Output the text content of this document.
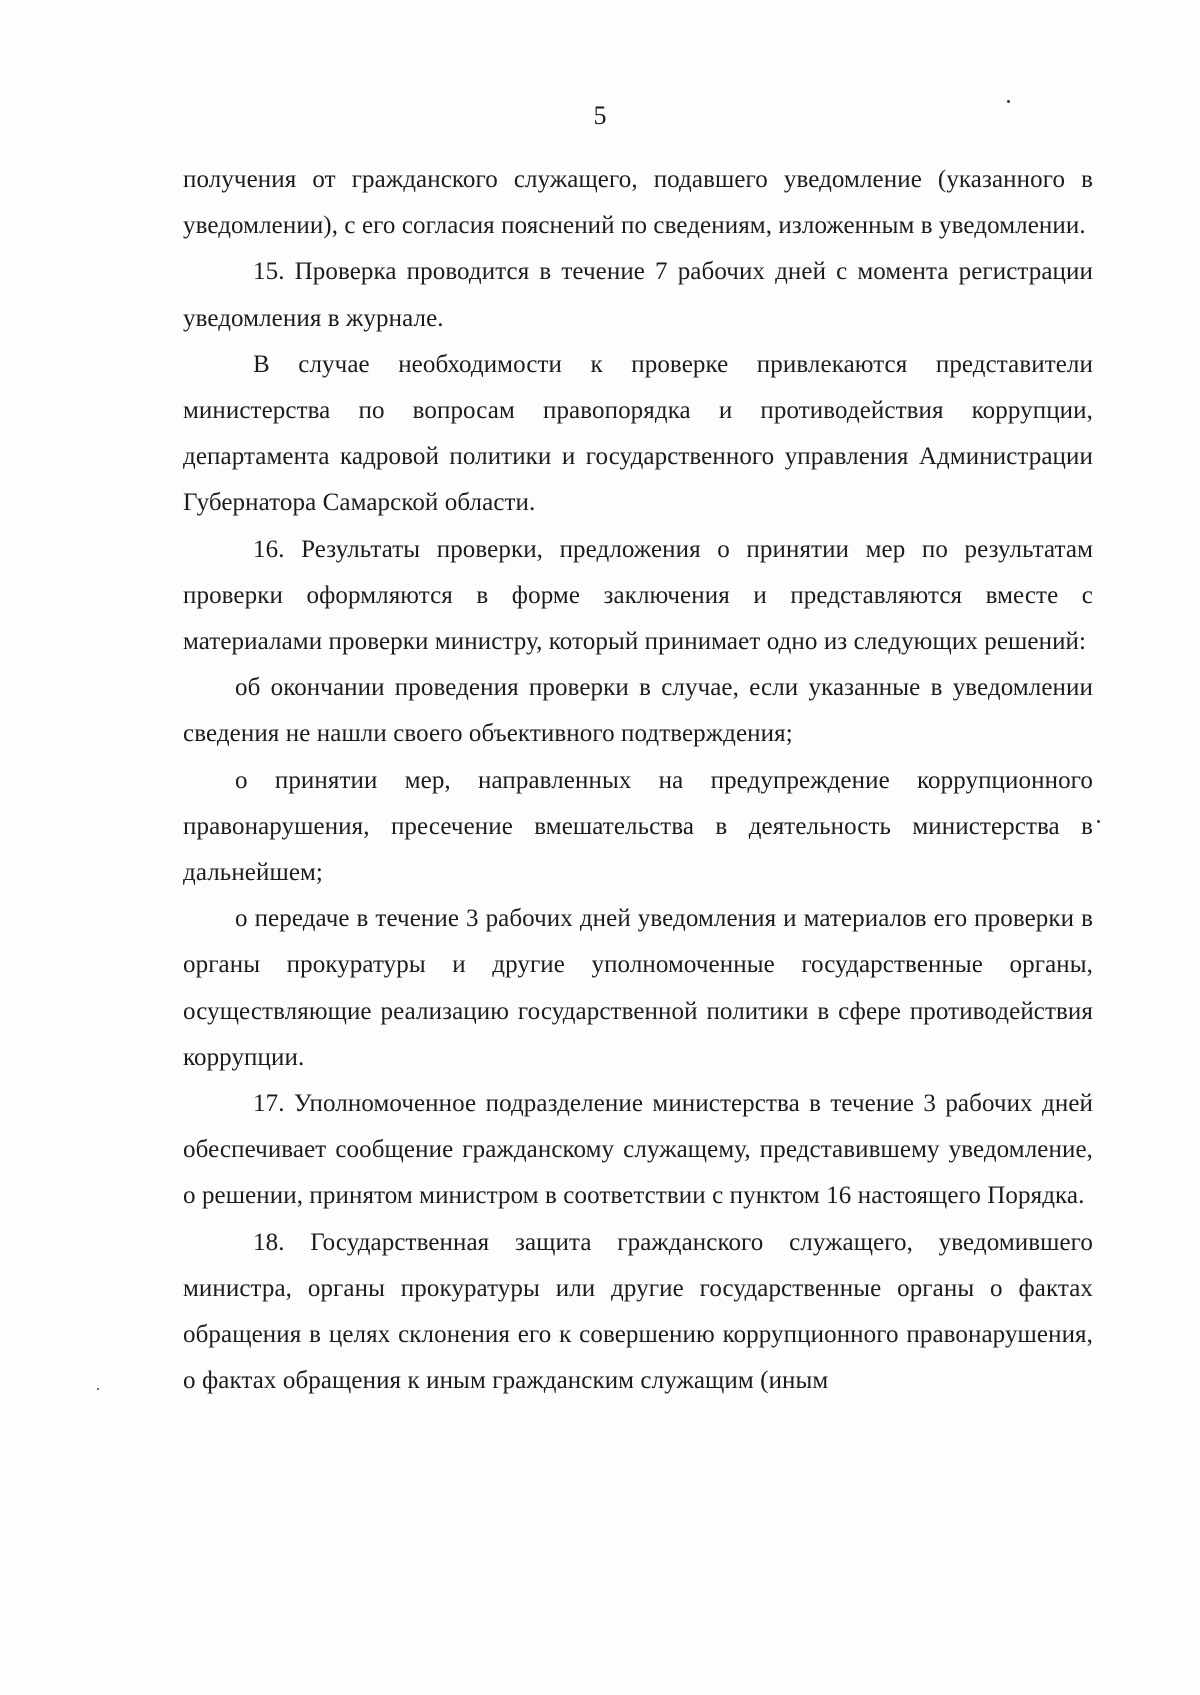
5

получения от гражданского служащего, подавшего уведомление (указанного в уведомлении), с его согласия пояснений по сведениям, изложенным в уведомлении.

15. Проверка проводится в течение 7 рабочих дней с момента регистрации уведомления в журнале.

В случае необходимости к проверке привлекаются представители министерства по вопросам правопорядка и противодействия коррупции, департамента кадровой политики и государственного управления Администрации Губернатора Самарской области.

16. Результаты проверки, предложения о принятии мер по результатам проверки оформляются в форме заключения и представляются вместе с материалами проверки министру, который принимает одно из следующих решений:

об окончании проведения проверки в случае, если указанные в уведомлении сведения не нашли своего объективного подтверждения;

о принятии мер, направленных на предупреждение коррупционного правонарушения, пресечение вмешательства в деятельность министерства в дальнейшем;

о передаче в течение 3 рабочих дней уведомления и материалов его проверки в органы прокуратуры и другие уполномоченные государственные органы, осуществляющие реализацию государственной политики в сфере противодействия коррупции.

17. Уполномоченное подразделение министерства в течение 3 рабочих дней обеспечивает сообщение гражданскому служащему, представившему уведомление, о решении, принятом министром в соответствии с пунктом 16 настоящего Порядка.

18. Государственная защита гражданского служащего, уведомившего министра, органы прокуратуры или другие государственные органы о фактах обращения в целях склонения его к совершению коррупционного правонарушения, о фактах обращения к иным гражданским служащим (иным
